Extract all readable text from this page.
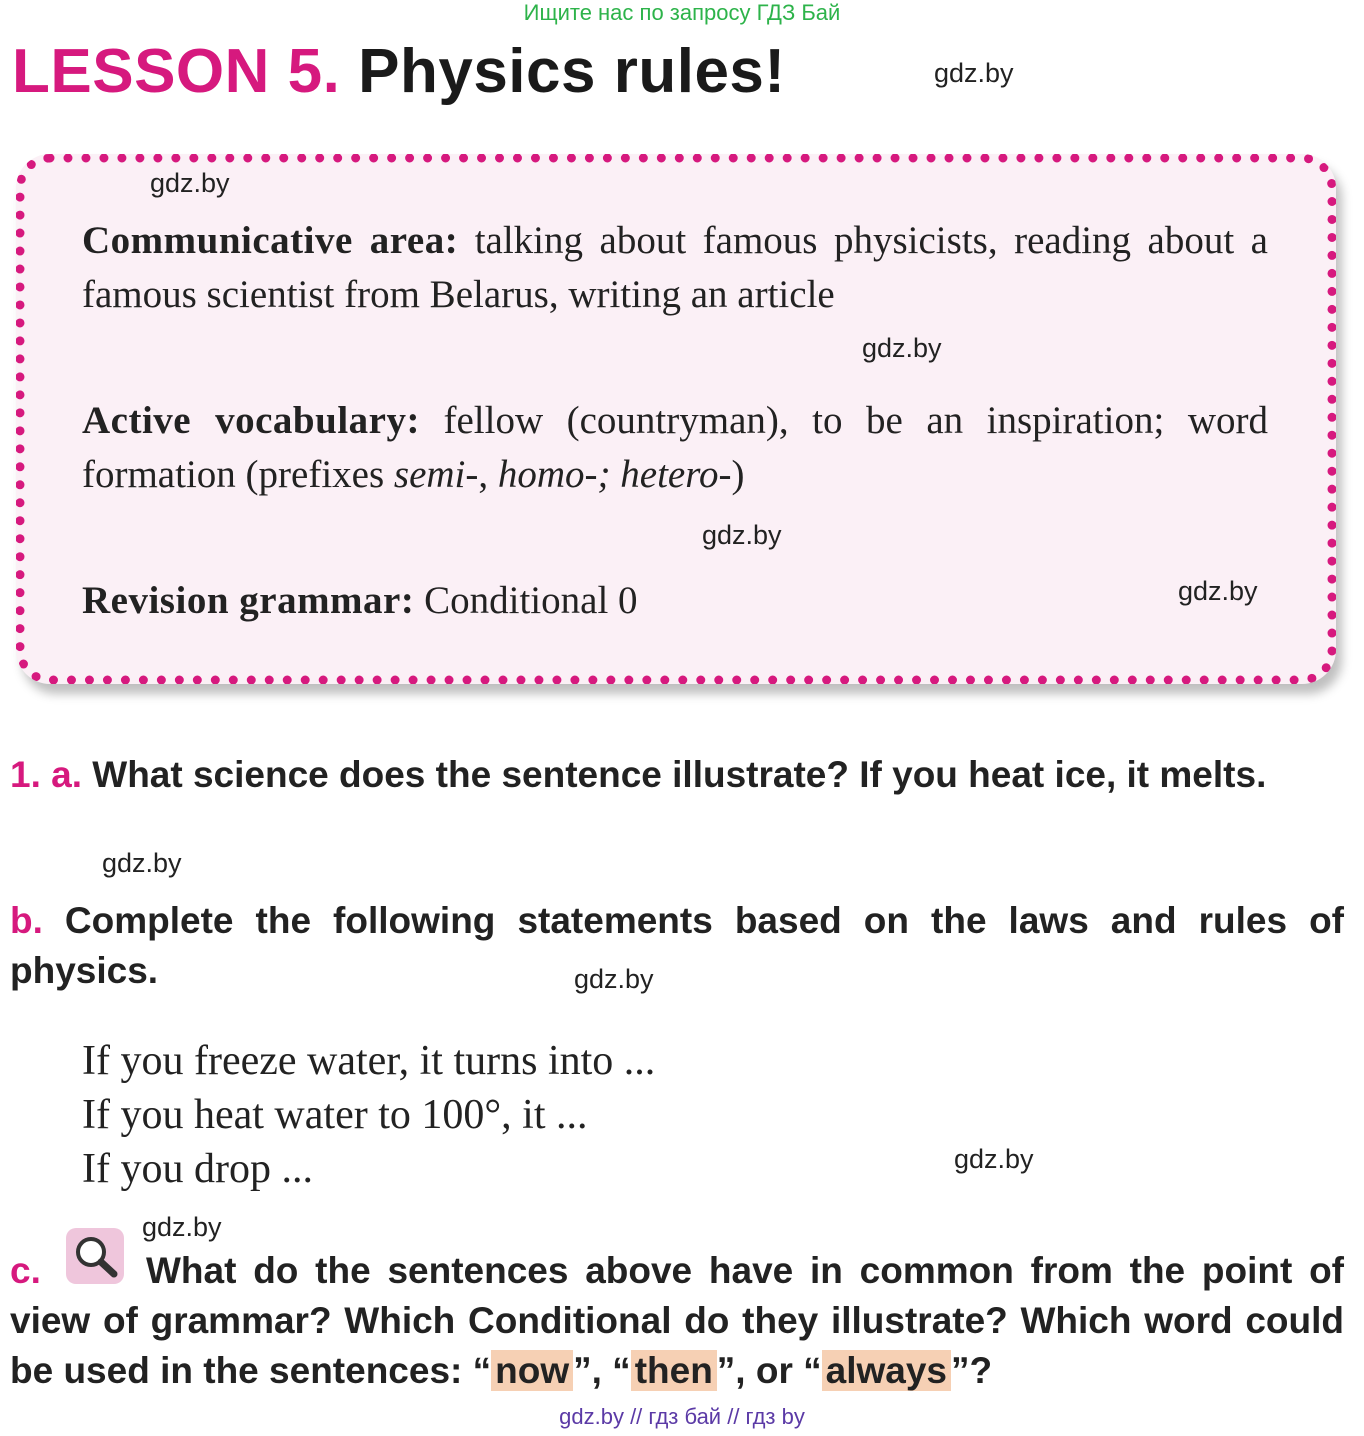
Ищите нас по запросу ГДЗ Бай
LESSON 5. Physics rules!	gdz.by
gdz.by
Communicative area: talking about famous physicists, reading about a famous scientist from Belarus, writing an article
gdz.by
Active vocabulary: fellow (countryman), to be an inspiration; word formation (prefixes semi-, homo-; hetero-)
gdz.by
Revision grammar: Conditional 0	gdz.by
1. a. What science does the sentence illustrate? If you heat ice, it melts.
gdz.by
b. Complete the following statements based on the laws and rules of physics.	gdz.by
If you freeze water, it turns into ...
If you heat water to 100°, it ...
If you drop ...	gdz.by
gdz.by
c.	What do the sentences above have in common from the point of view of grammar? Which Conditional do they illustrate? Which word could be used in the sentences: “ now ”, “ then ”, or “ always ”?
gdz.by // гдз бай // гдз by
